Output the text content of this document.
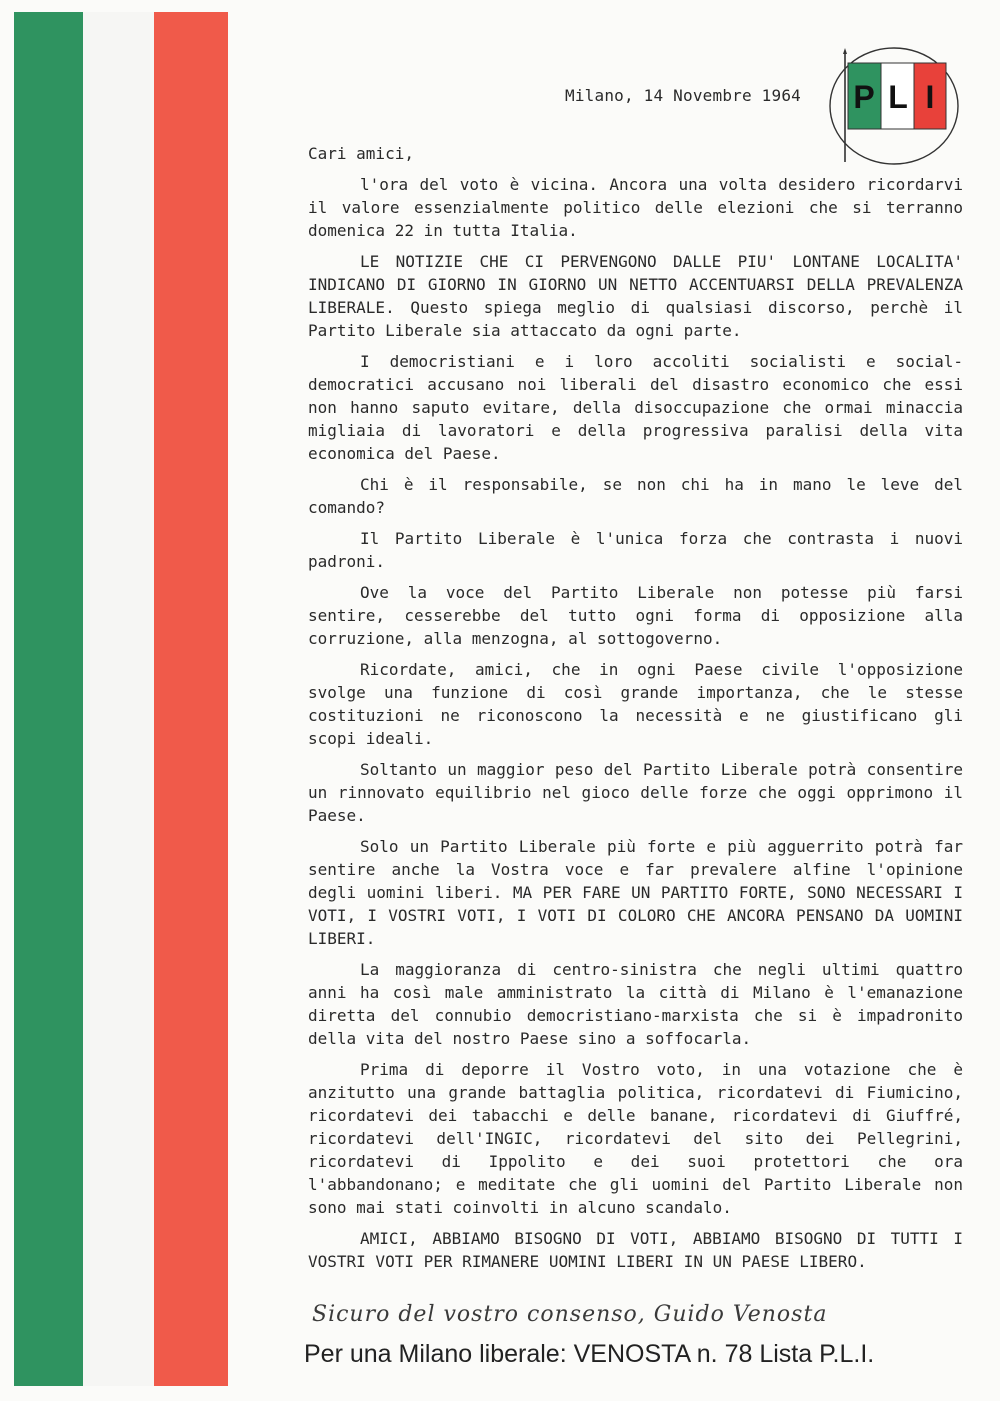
Milano, 14 Novembre 1964 P L I

Cari amici,

l'ora del voto è vicina. Ancora una volta desidero ricordarvi il valore essenzialmente politico delle elezioni che si terranno domenica 22 in tutta Italia.

LE NOTIZIE CHE CI PERVENGONO DALLE PIU' LONTANE LOCALITA' INDICANO DI GIORNO IN GIORNO UN NETTO ACCENTUARSI DELLA PREVALENZA LIBERALE. Questo spiega meglio di qualsiasi discorso, perchè il Partito Liberale sia attaccato da ogni parte.

I democristiani e i loro accoliti socialisti e social-democratici accusano noi liberali del disastro economico che essi non hanno saputo evitare, della disoccupazione che ormai minaccia migliaia di lavoratori e della progressiva paralisi della vita economica del Paese.

Chi è il responsabile, se non chi ha in mano le leve del comando?

Il Partito Liberale è l'unica forza che contrasta i nuovi padroni.

Ove la voce del Partito Liberale non potesse più farsi sentire, cesserebbe del tutto ogni forma di opposizione alla corruzione, alla menzogna, al sottogoverno.

Ricordate, amici, che in ogni Paese civile l'opposizione svolge una funzione di così grande importanza, che le stesse costituzioni ne riconoscono la necessità e ne giustificano gli scopi ideali.

Soltanto un maggior peso del Partito Liberale potrà consentire un rinnovato equilibrio nel gioco delle forze che oggi opprimono il Paese.

Solo un Partito Liberale più forte e più agguerrito potrà far sentire anche la Vostra voce e far prevalere alfine l'opinione degli uomini liberi. MA PER FARE UN PARTITO FORTE, SONO NECESSARI I VOTI, I VOSTRI VOTI, I VOTI DI COLORO CHE ANCORA PENSANO DA UOMINI LIBERI.

La maggioranza di centro-sinistra che negli ultimi quattro anni ha così male amministrato la città di Milano è l'emanazione diretta del connubio democristiano-marxista che si è impadronito della vita del nostro Paese sino a soffocarla.

Prima di deporre il Vostro voto, in una votazione che è anzitutto una grande battaglia politica, ricordatevi di Fiumicino, ricordatevi dei tabacchi e delle banane, ricordatevi di Giuffré, ricordatevi dell'INGIC, ricordatevi del sito dei Pellegrini, ricordatevi di Ippolito e dei suoi protettori che ora l'abbandonano; e meditate che gli uomini del Partito Liberale non sono mai stati coinvolti in alcuno scandalo.

AMICI, ABBIAMO BISOGNO DI VOTI, ABBIAMO BISOGNO DI TUTTI I VOSTRI VOTI PER RIMANERE UOMINI LIBERI IN UN PAESE LIBERO.

Sicuro del vostro consenso, Guido Venosta
Per una Milano liberale: VENOSTA n. 78 Lista P.L.I.
